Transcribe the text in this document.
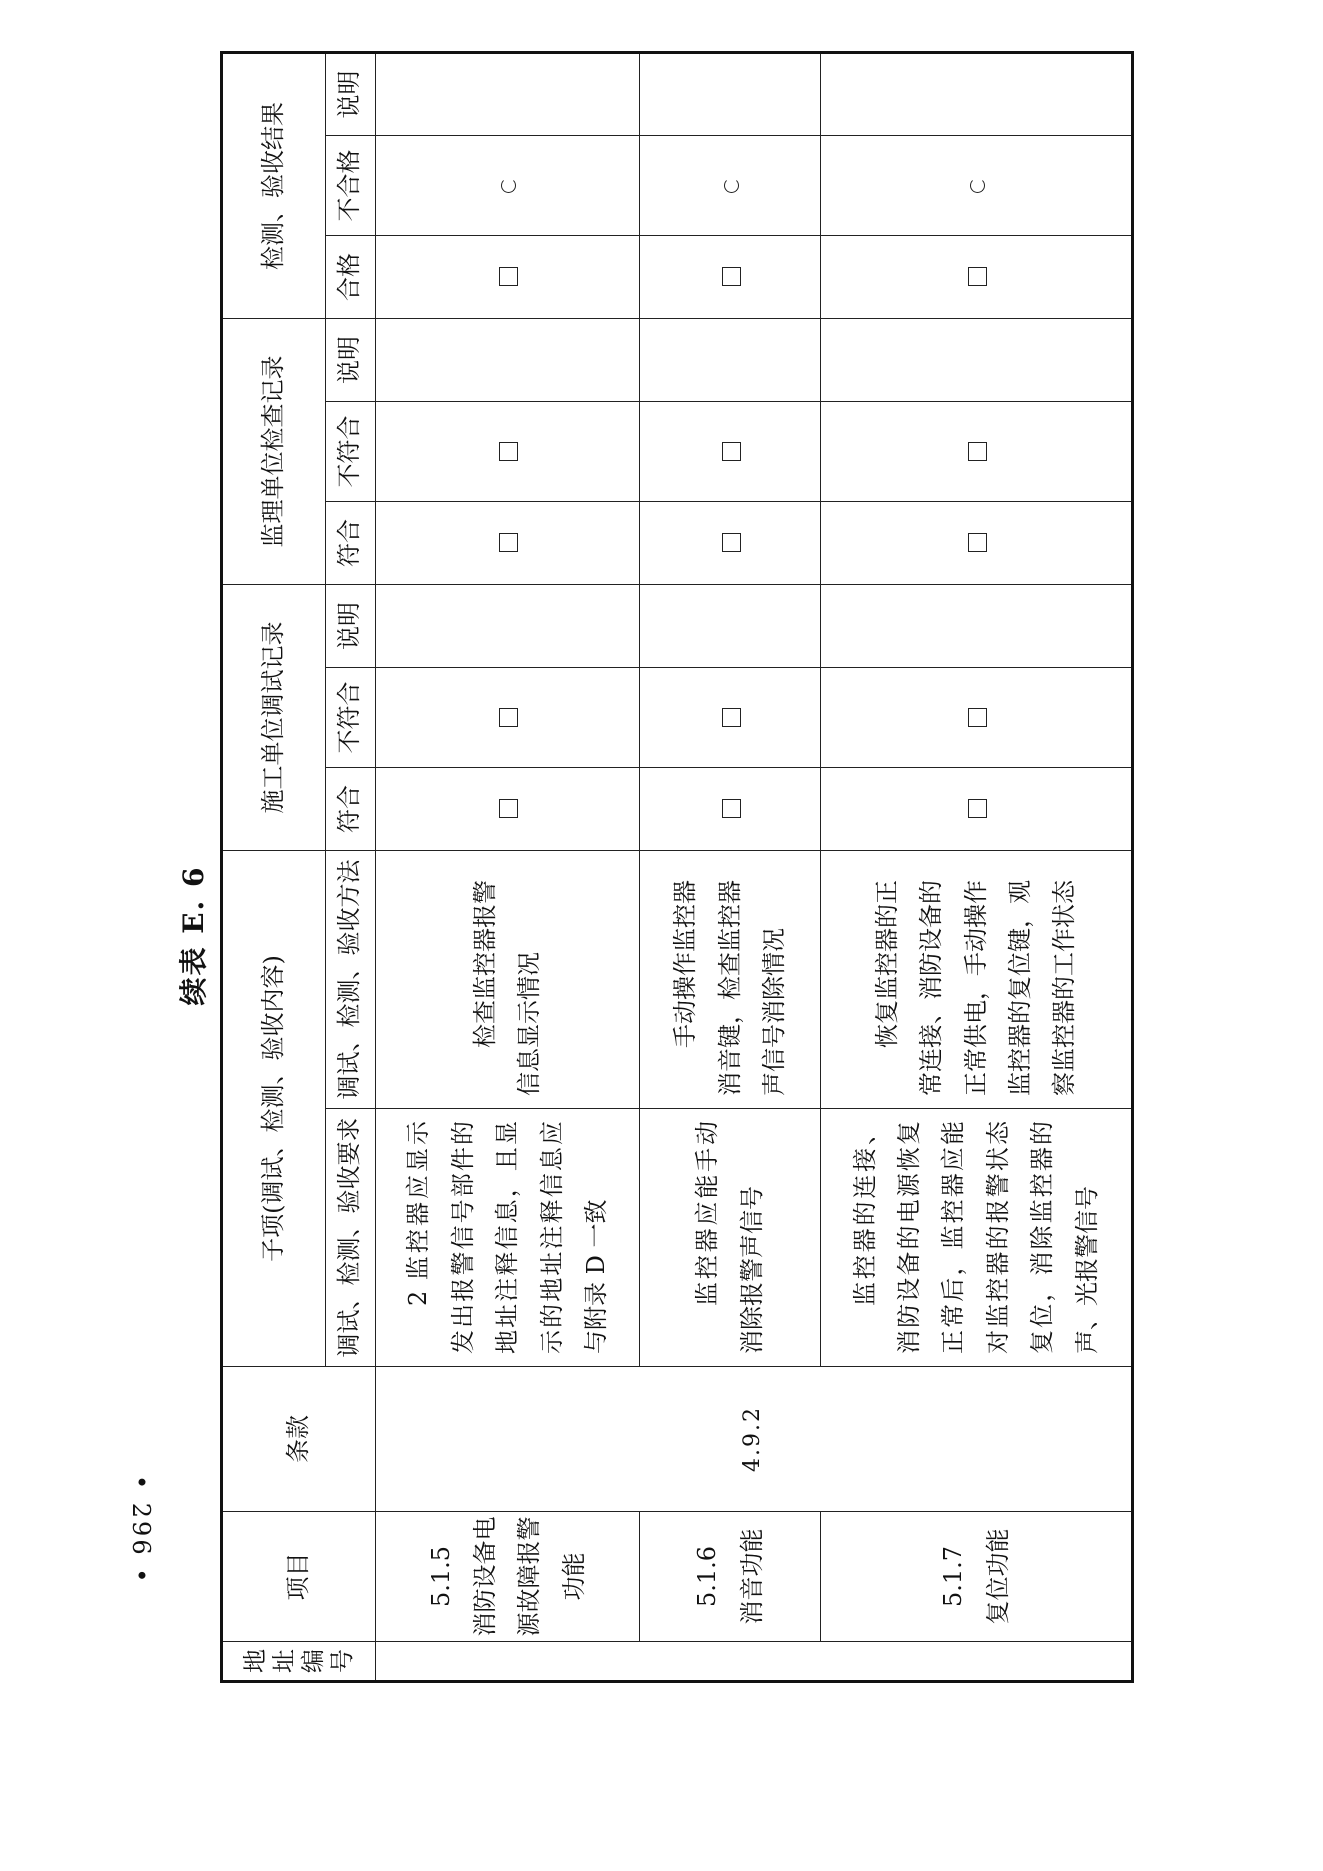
续表 E. 6
地址编号	项目	条款	子项(调试、检测、验收内容)		施工单位调试记录			监理单位检查记录			检测、验收结果		
			调试、检测、验收要求	调试、检测、验收方法	符合	不符合	说明	符合	不符合	说明	合格	不合格	说明

	5.1.5 消防设备电源故障报警功能	4.9.2	2 监控器应显示发出报警信号部件的地址注释信息，且显示的地址注释信息应与附录 D 一致	检查监控器报警信息显示情况									

	5.1.6 消音功能		监控器应能手动消除报警声信号	手动操作监控器消音键，检查监控器声信号消除情况									

	5.1.7 复位功能		监控器的连接、消防设备的电源恢复正常后，监控器应能对监控器的报警状态复位，消除监控器的声、光报警信号	恢复监控器的正常连接、消防设备的正常供电，手动操作监控器的复位键，观察监控器的工作状态									
• 296 •
